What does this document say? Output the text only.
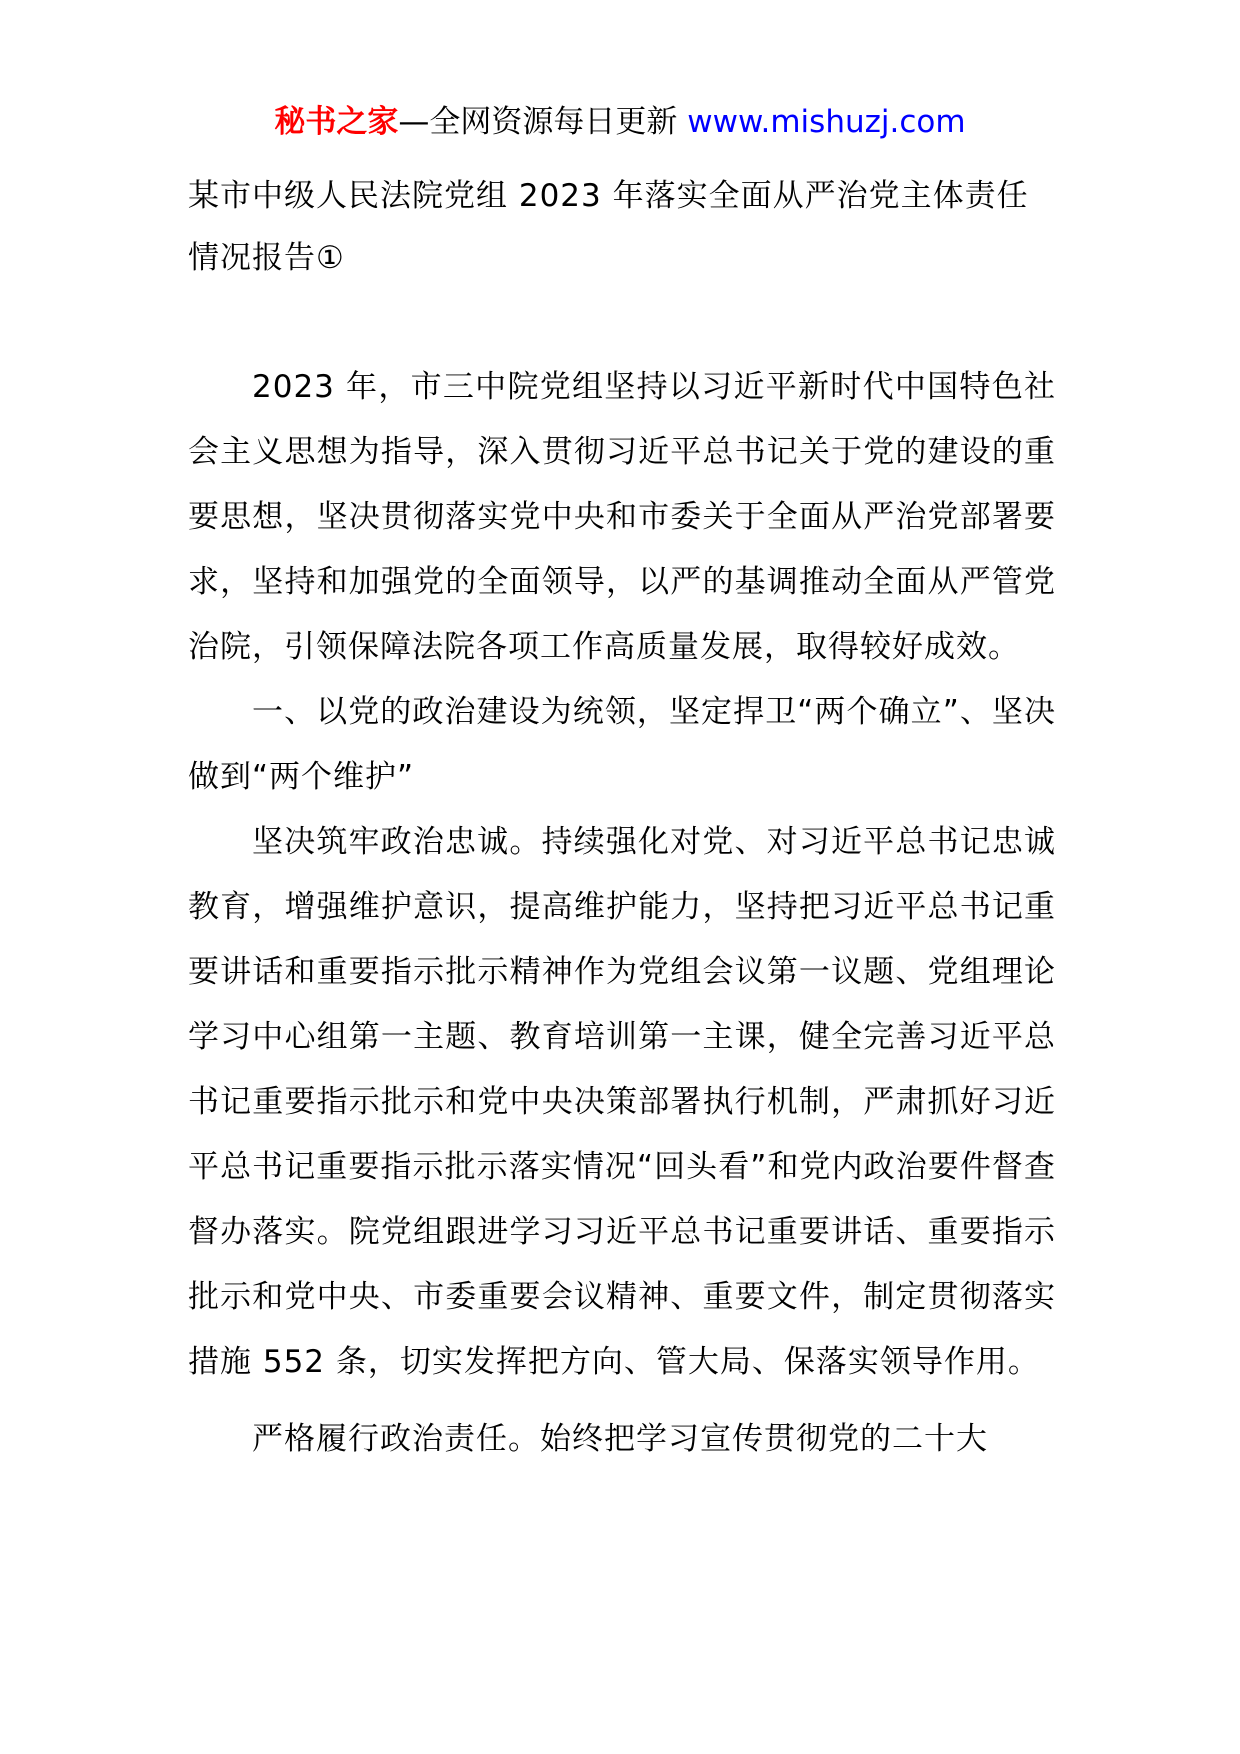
秘书之家—全网资源每日更新 www.mishuzj.com
某市中级人民法院党组 2023 年落实全面从严治党主体责任情况报告①

2023 年，市三中院党组坚持以习近平新时代中国特色社会主义思想为指导，深入贯彻习近平总书记关于党的建设的重要思想，坚决贯彻落实党中央和市委关于全面从严治党部署要求，坚持和加强党的全面领导，以严的基调推动全面从严管党治院，引领保障法院各项工作高质量发展，取得较好成效。

一、以党的政治建设为统领，坚定捍卫“两个确立”、坚决做到“两个维护”

坚决筑牢政治忠诚。持续强化对党、对习近平总书记忠诚教育，增强维护意识，提高维护能力，坚持把习近平总书记重要讲话和重要指示批示精神作为党组会议第一议题、党组理论学习中心组第一主题、教育培训第一主课，健全完善习近平总书记重要指示批示和党中央决策部署执行机制，严肃抓好习近平总书记重要指示批示落实情况“回头看”和党内政治要件督查督办落实。院党组跟进学习习近平总书记重要讲话、重要指示批示和党中央、市委重要会议精神、重要文件，制定贯彻落实措施 552 条，切实发挥把方向、管大局、保落实领导作用。

严格履行政治责任。始终把学习宣传贯彻党的二十大
